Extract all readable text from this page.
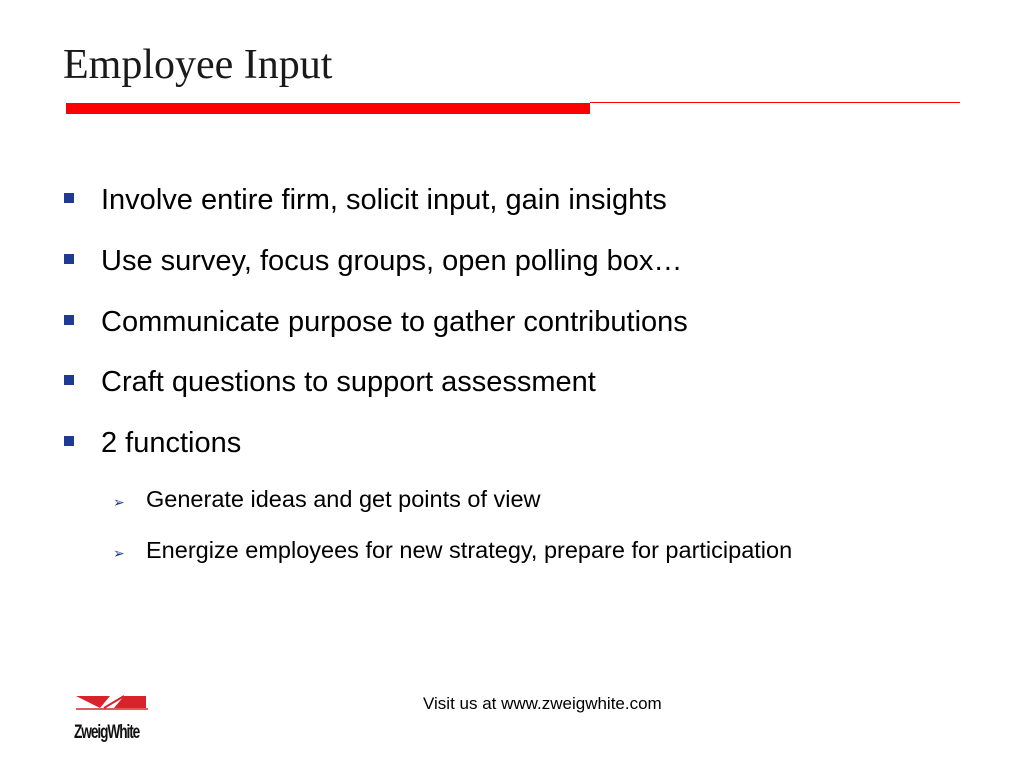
Employee Input
Involve entire firm, solicit input, gain insights
Use survey, focus groups, open polling box…
Communicate purpose to gather contributions
Craft questions to support assessment
2 functions
➢ Generate ideas and get points of view
➢ Energize employees for new strategy, prepare for participation
ZweigWhite
Visit us at www.zweigwhite.com
